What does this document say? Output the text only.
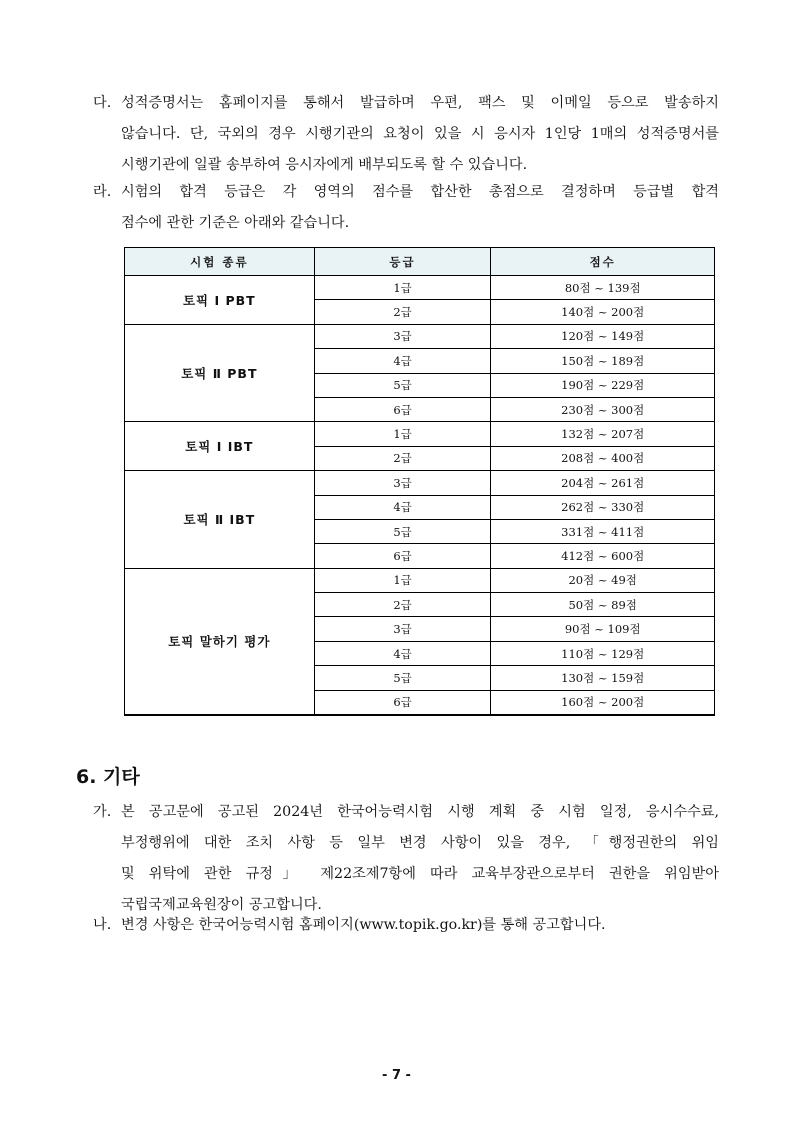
다. 성적증명서는 홈페이지를 통해서 발급하며 우편, 팩스 및 이메일 등으로 발송하지
않습니다. 단, 국외의 경우 시행기관의 요청이 있을 시 응시자 1인당 1매의 성적증명서를
시행기관에 일괄 송부하여 응시자에게 배부되도록 할 수 있습니다.
라. 시험의 합격 등급은 각 영역의 점수를 합산한 총점으로 결정하며 등급별 합격
점수에 관한 기준은 아래와 같습니다.
시험 종류	등급	점수
토픽 Ⅰ PBT	1급	80점 ~ 139점
	2급	140점 ~ 200점
토픽 Ⅱ PBT	3급	120점 ~ 149점
	4급	150점 ~ 189점
	5급	190점 ~ 229점
	6급	230점 ~ 300점
토픽 Ⅰ IBT	1급	132점 ~ 207점
	2급	208점 ~ 400점
토픽 Ⅱ IBT	3급	204점 ~ 261점
	4급	262점 ~ 330점
	5급	331점 ~ 411점
	6급	412점 ~ 600점
토픽 말하기 평가	1급	20점 ~ 49점
	2급	50점 ~ 89점
	3급	90점 ~ 109점
	4급	110점 ~ 129점
	5급	130점 ~ 159점
	6급	160점 ~ 200점
6. 기타
가. 본 공고문에 공고된 2024년 한국어능력시험 시행 계획 중 시험 일정, 응시수수료,
부정행위에 대한 조치 사항 등 일부 변경 사항이 있을 경우, 「행정권한의 위임
및 위탁에 관한 규정」 제22조제7항에 따라 교육부장관으로부터 권한을 위임받아
국립국제교육원장이 공고합니다.
나. 변경 사항은 한국어능력시험 홈페이지(www.topik.go.kr)를 통해 공고합니다.
- 7 -
